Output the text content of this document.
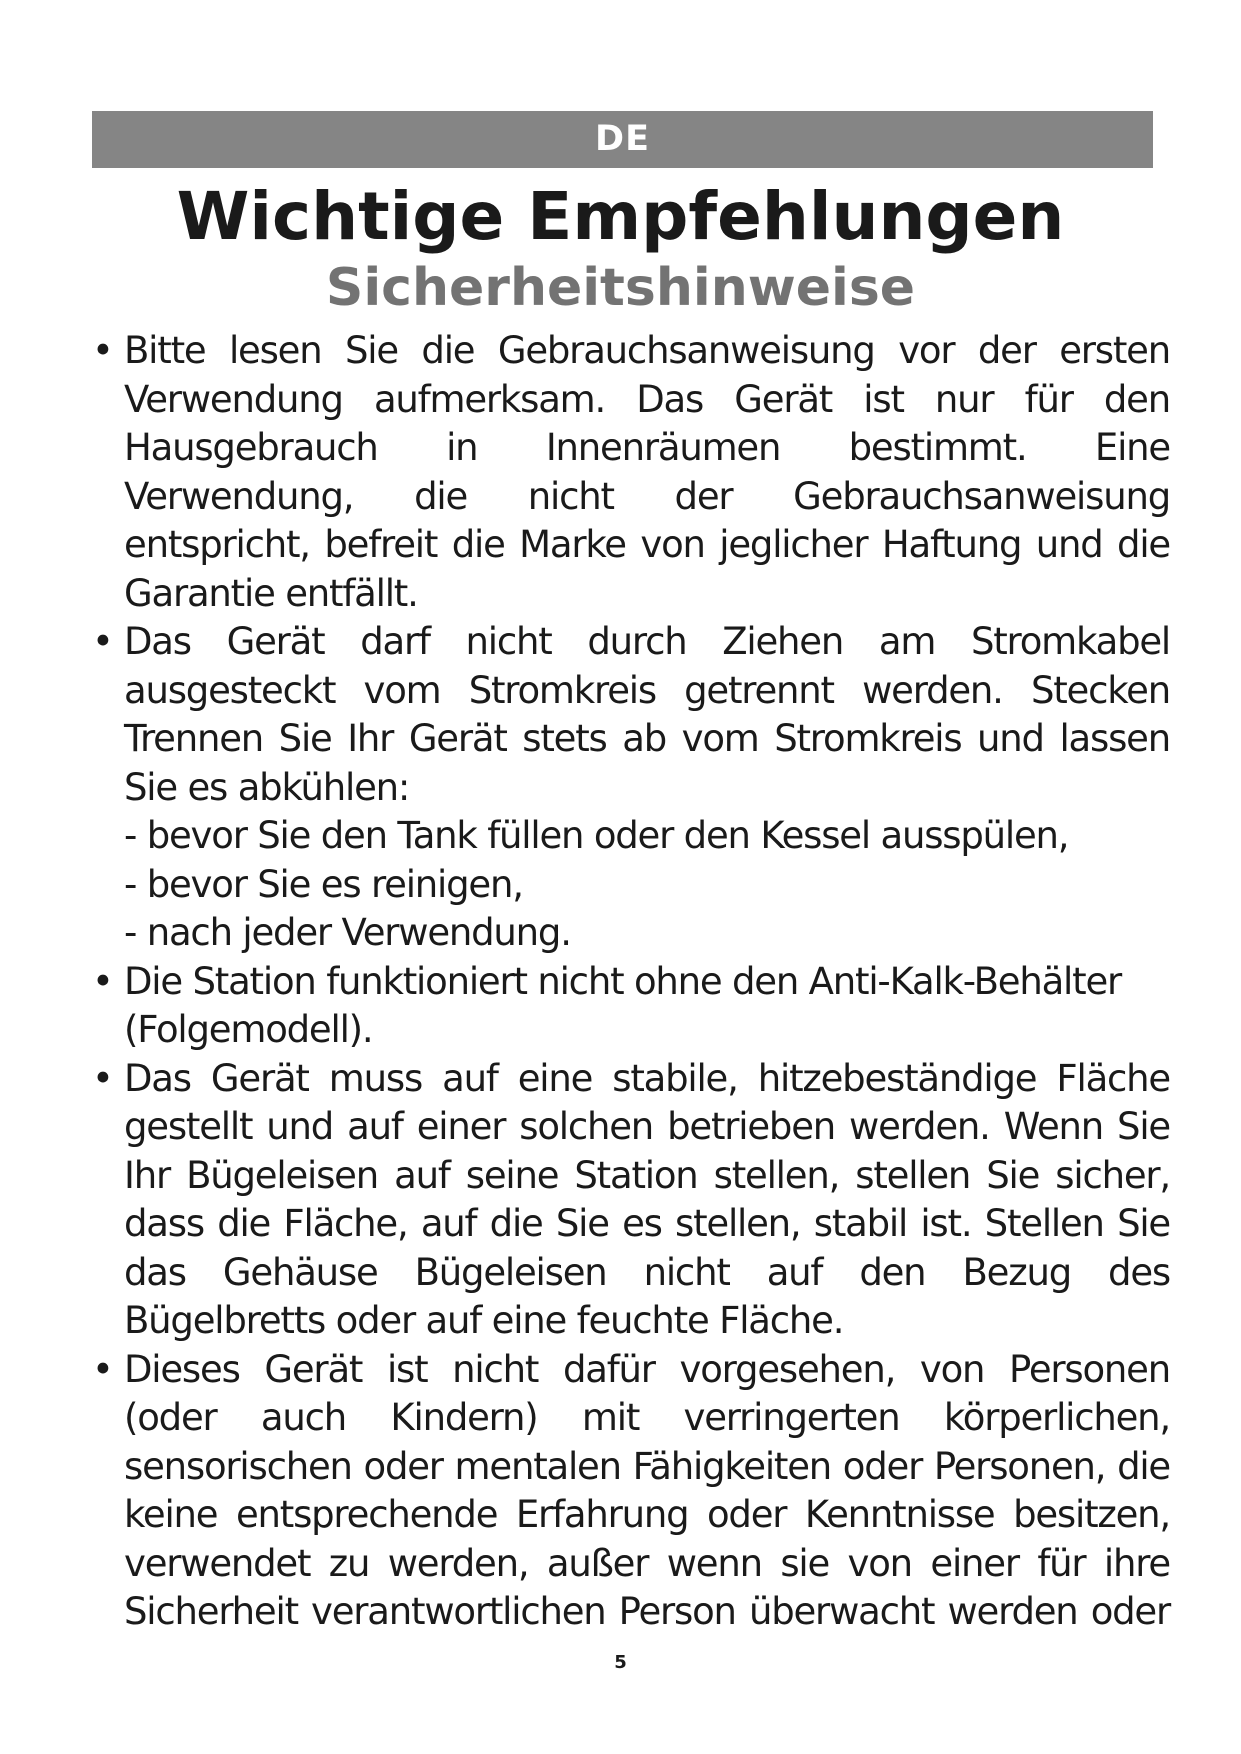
DE
Wichtige Empfehlungen
Sicherheitshinweise
• Bitte lesen Sie die Gebrauchsanweisung vor der ersten
Verwendung aufmerksam. Das Gerät ist nur für den
Hausgebrauch in Innenräumen bestimmt. Eine
Verwendung, die nicht der Gebrauchsanweisung
entspricht, befreit die Marke von jeglicher Haftung und die
Garantie entfällt.
• Das Gerät darf nicht durch Ziehen am Stromkabel
ausgesteckt vom Stromkreis getrennt werden. Stecken
Trennen Sie Ihr Gerät stets ab vom Stromkreis und lassen
Sie es abkühlen:
- bevor Sie den Tank füllen oder den Kessel ausspülen,
- bevor Sie es reinigen,
- nach jeder Verwendung.
• Die Station funktioniert nicht ohne den Anti-Kalk-Behälter
(Folgemodell).
• Das Gerät muss auf eine stabile, hitzebeständige Fläche
gestellt und auf einer solchen betrieben werden. Wenn Sie
Ihr Bügeleisen auf seine Station stellen, stellen Sie sicher,
dass die Fläche, auf die Sie es stellen, stabil ist. Stellen Sie
das Gehäuse Bügeleisen nicht auf den Bezug des
Bügelbretts oder auf eine feuchte Fläche.
• Dieses Gerät ist nicht dafür vorgesehen, von Personen
(oder auch Kindern) mit verringerten körperlichen,
sensorischen oder mentalen Fähigkeiten oder Personen, die
keine entsprechende Erfahrung oder Kenntnisse besitzen,
verwendet zu werden, außer wenn sie von einer für ihre
Sicherheit verantwortlichen Person überwacht werden oder
5
